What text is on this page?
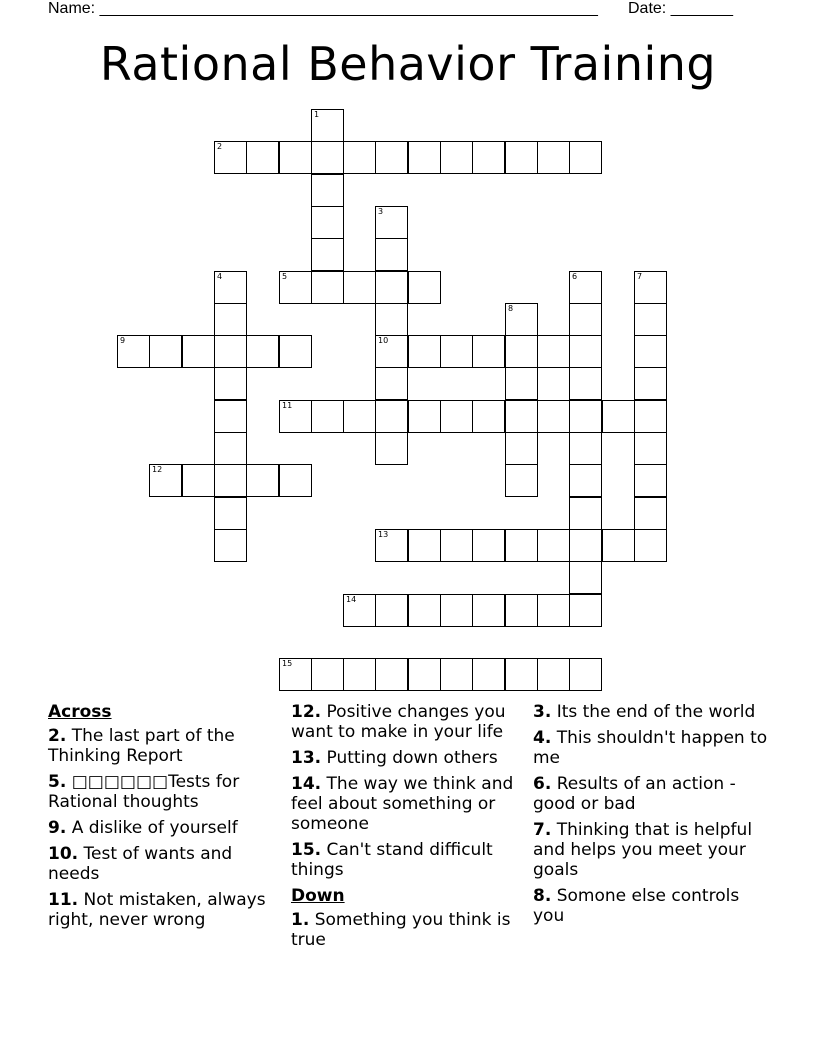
Name: ________________________________________________________ Date: _______
Rational Behavior Training
1
2
3
10
4	5	6	7
8
9
11
12
13
14
15
Across
2. The last part of the Thinking Report
5. □□□□□□Tests for Rational thoughts
9. A dislike of yourself
10. Test of wants and needs
11. Not mistaken, always right, never wrong
12. Positive changes you want to make in your life
13. Putting down others
14. The way we think and feel about something or someone
15. Can't stand difficult things
Down
1. Something you think is true
3. Its the end of the world
4. This shouldn't happen to me
6. Results of an action - good or bad
7. Thinking that is helpful and helps you meet your goals
8. Somone else controls you
